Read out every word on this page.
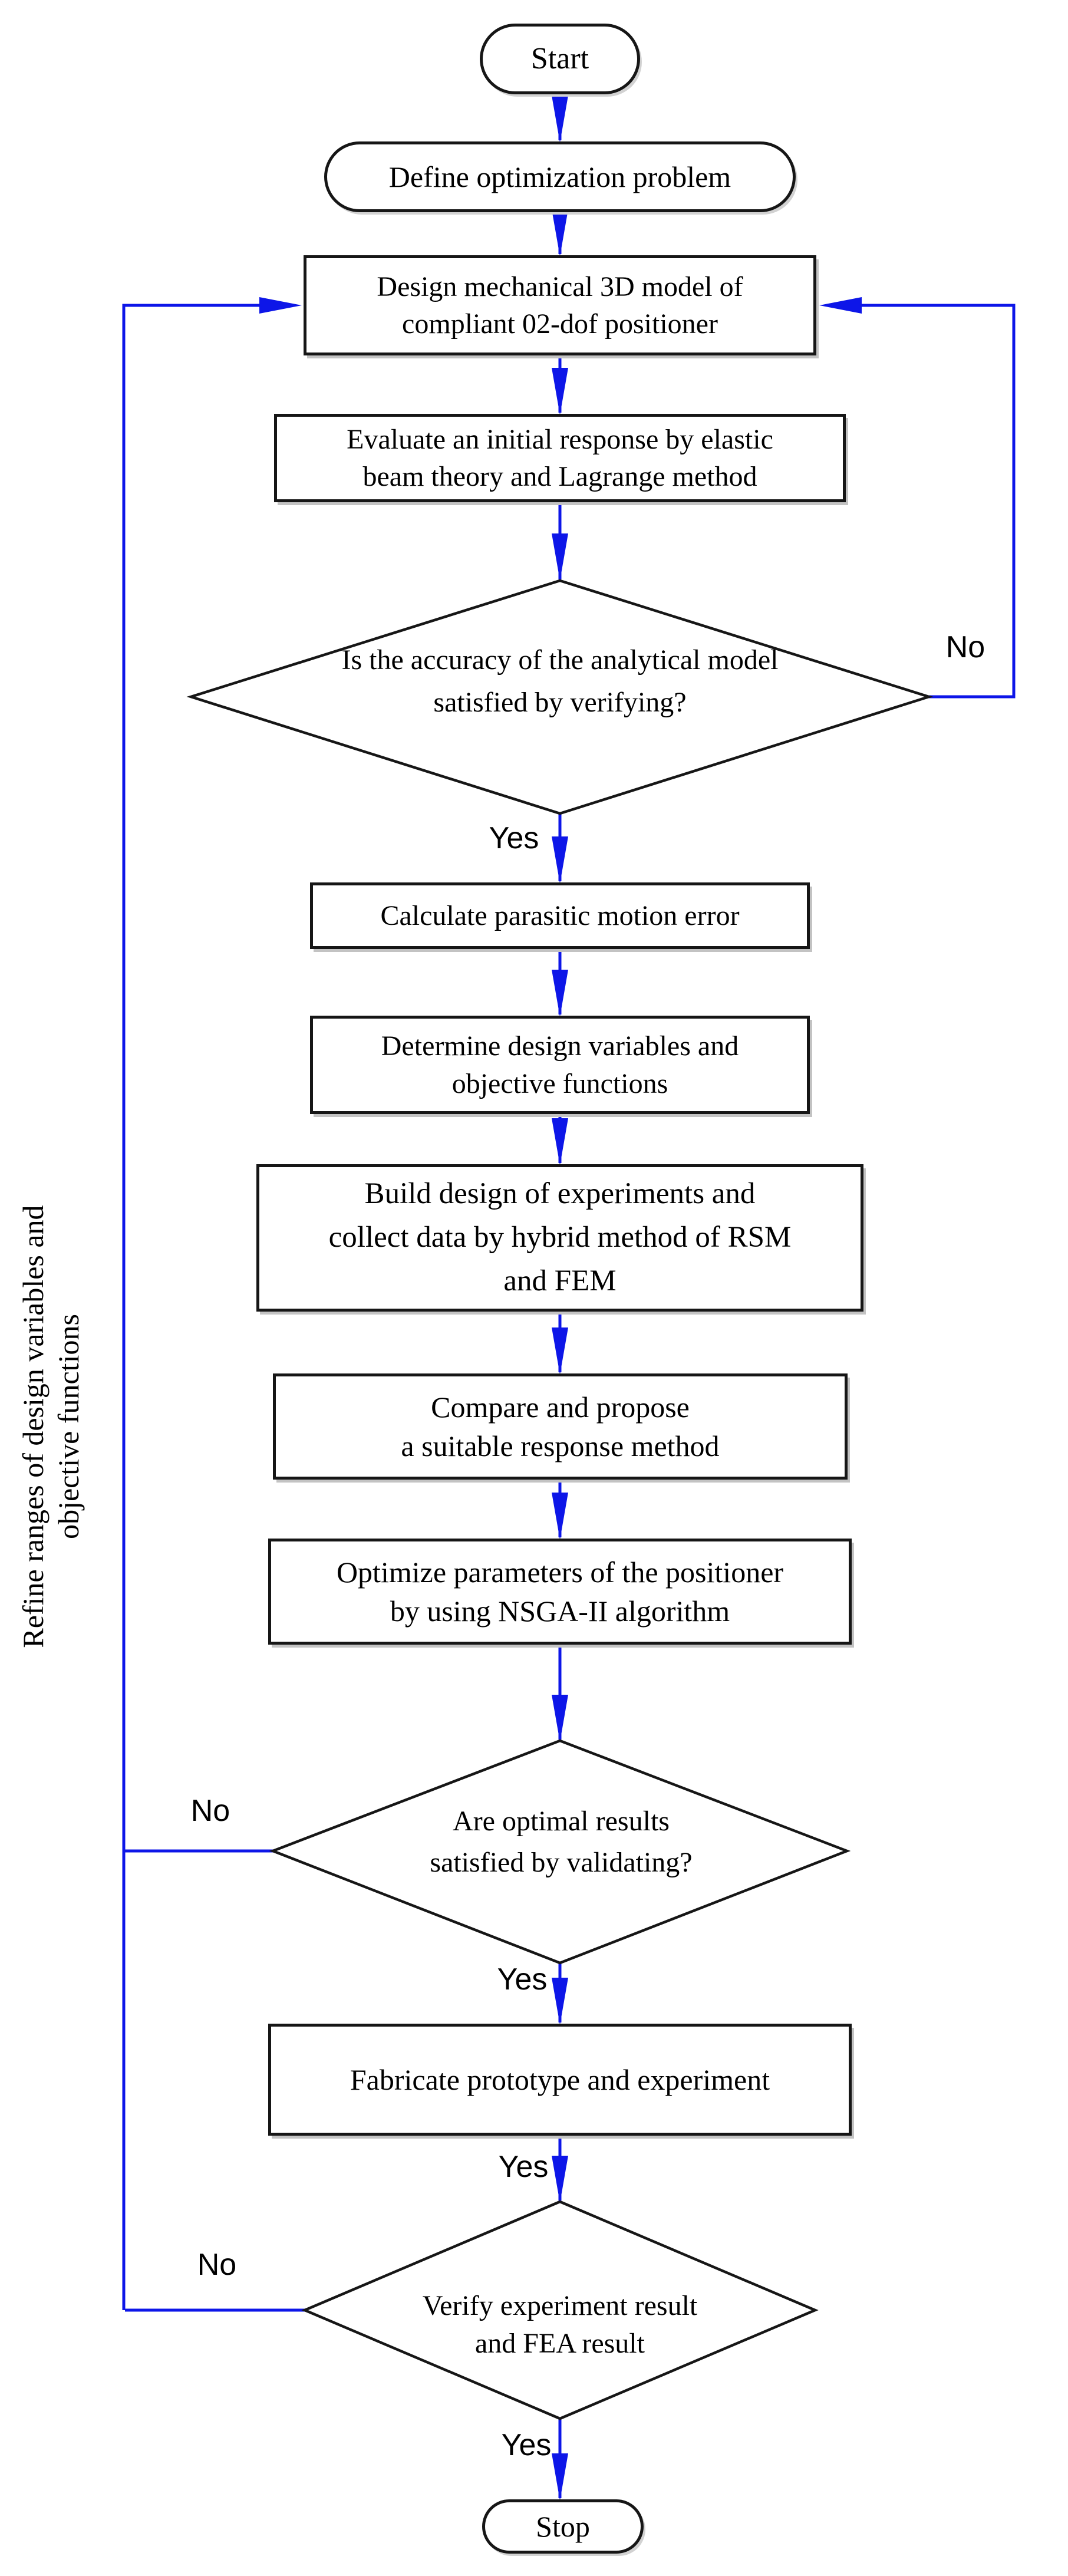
Start
Define optimization problem
Design mechanical 3D model of
compliant 02-dof positioner
Evaluate an initial response by elastic
beam theory and Lagrange method
Is the accuracy of the analytical model
satisfied by verifying?
Calculate parasitic motion error
Determine design variables and
objective functions
Build design of experiments and
collect data by hybrid method of RSM
and FEM
Compare and propose
a suitable response method
Optimize parameters of the positioner
by using NSGA-II algorithm
Are optimal results
satisfied by validating?
Fabricate prototype and experiment
Verify experiment result
and FEA result
Stop
No
Yes
No
Yes
Yes
No
Yes
Refine ranges of design variables and objective functions
